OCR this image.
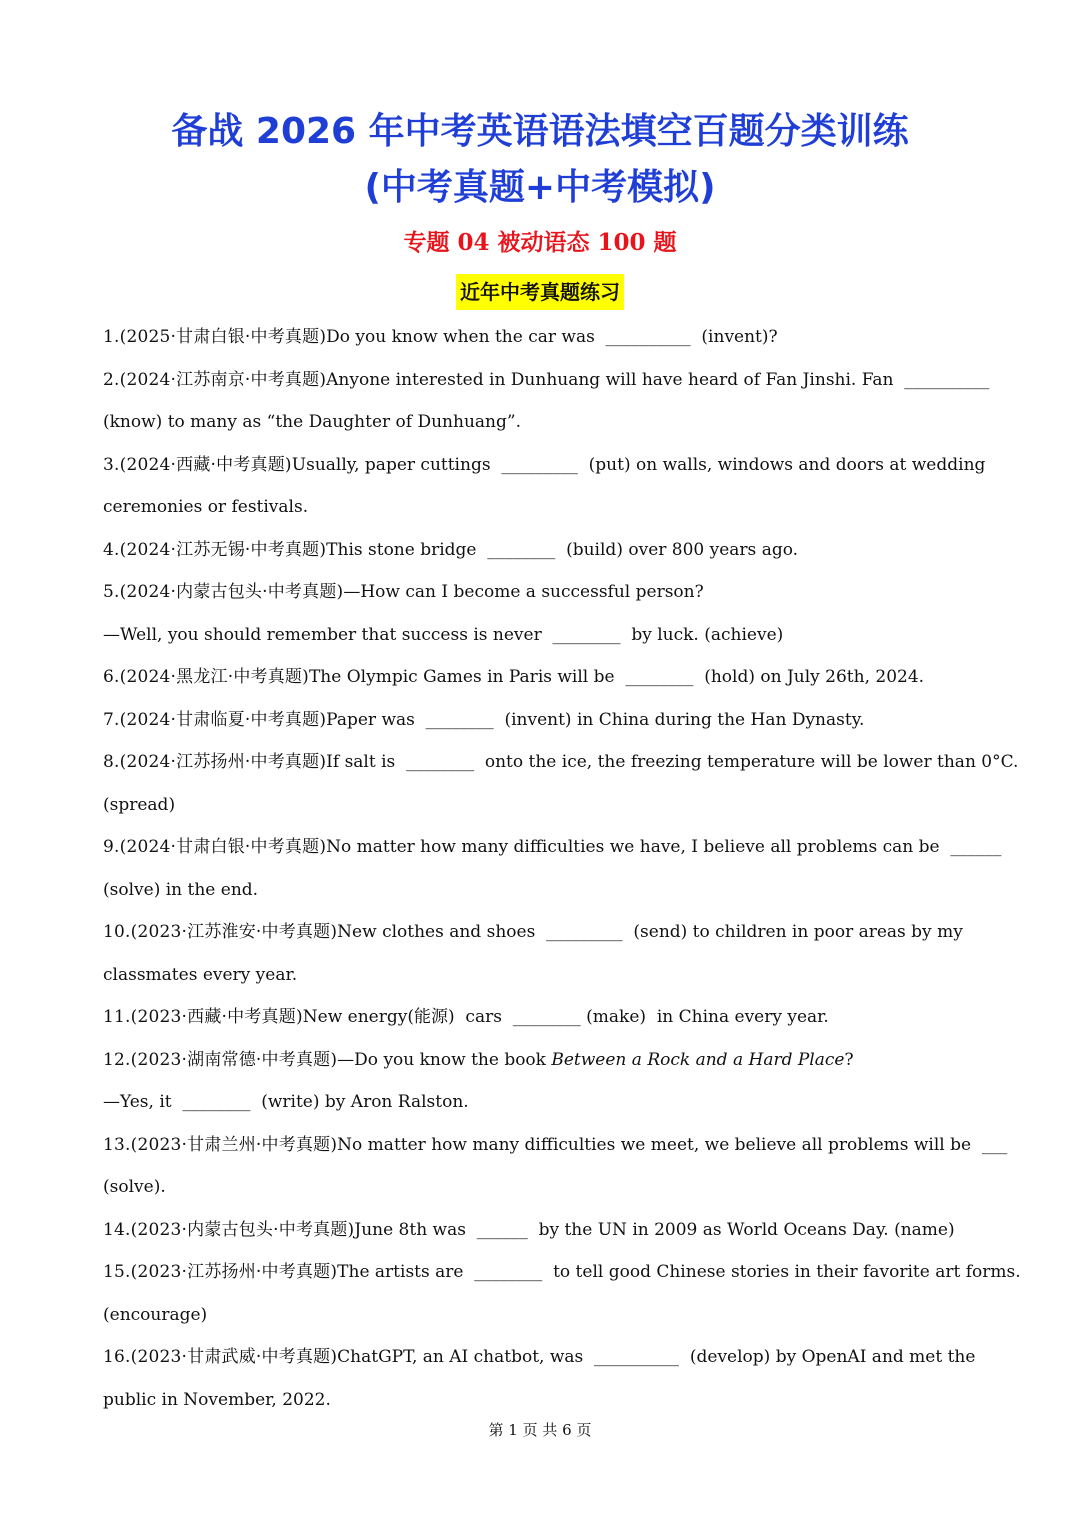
备战 2026 年中考英语语法填空百题分类训练
(中考真题+中考模拟)
专题 04 被动语态 100 题
近年中考真题练习
1.(2025·甘肃白银·中考真题)Do you know when the car was  __________  (invent)?
2.(2024·江苏南京·中考真题)Anyone interested in Dunhuang will have heard of Fan Jinshi. Fan  __________
(know) to many as “the Daughter of Dunhuang”.
3.(2024·西藏·中考真题)Usually, paper cuttings  _________  (put) on walls, windows and doors at wedding
ceremonies or festivals.
4.(2024·江苏无锡·中考真题)This stone bridge  ________  (build) over 800 years ago.
5.(2024·内蒙古包头·中考真题)—How can I become a successful person?
—Well, you should remember that success is never  ________  by luck. (achieve)
6.(2024·黑龙江·中考真题)The Olympic Games in Paris will be  ________  (hold) on July 26th, 2024.
7.(2024·甘肃临夏·中考真题)Paper was  ________  (invent) in China during the Han Dynasty.
8.(2024·江苏扬州·中考真题)If salt is  ________  onto the ice, the freezing temperature will be lower than 0°C.
(spread)
9.(2024·甘肃白银·中考真题)No matter how many difficulties we have, I believe all problems can be  ______
(solve) in the end.
10.(2023·江苏淮安·中考真题)New clothes and shoes  _________  (send) to children in poor areas by my
classmates every year.
11.(2023·西藏·中考真题)New energy(能源)  cars  ________ (make)  in China every year.
12.(2023·湖南常德·中考真题)—Do you know the book Between a Rock and a Hard Place?
—Yes, it  ________  (write) by Aron Ralston.
13.(2023·甘肃兰州·中考真题)No matter how many difficulties we meet, we believe all problems will be  ___
(solve).
14.(2023·内蒙古包头·中考真题)June 8th was  ______  by the UN in 2009 as World Oceans Day. (name)
15.(2023·江苏扬州·中考真题)The artists are  ________  to tell good Chinese stories in their favorite art forms.
(encourage)
16.(2023·甘肃武威·中考真题)ChatGPT, an AI chatbot, was  __________  (develop) by OpenAI and met the
public in November, 2022.
第 1 页 共 6 页
